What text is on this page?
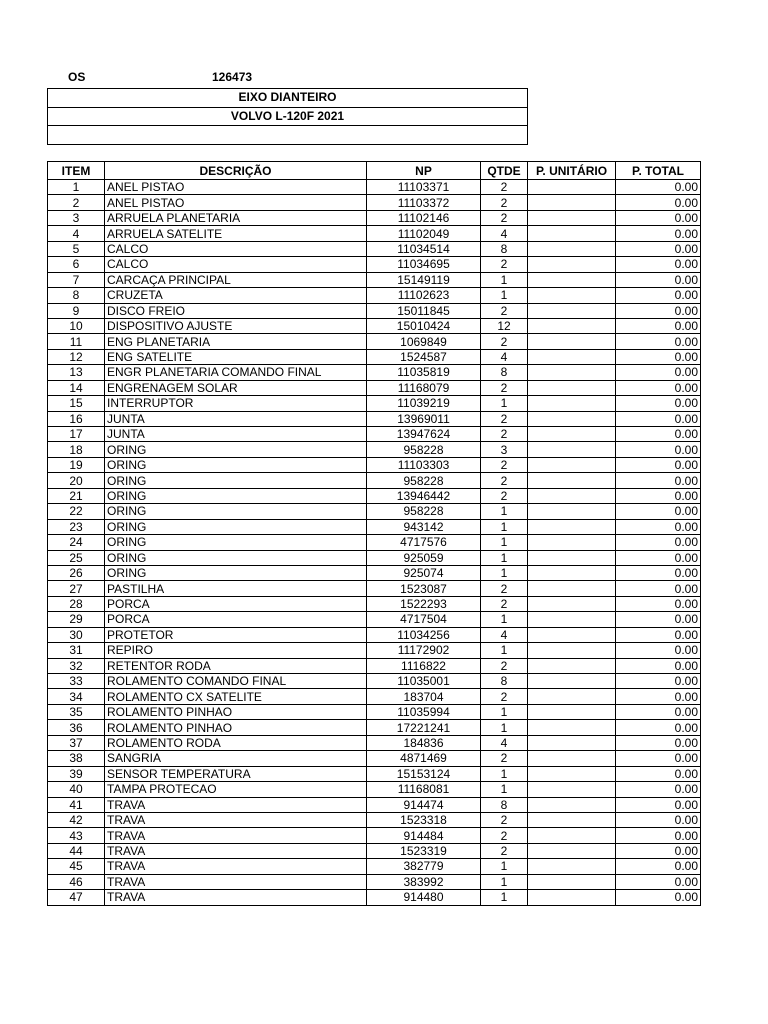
OS	126473
EIXO DIANTEIRO
VOLVO L-120F 2021

ITEM	DESCRIÇÃO	NP	QTDE	P. UNITÁRIO	P. TOTAL
1	ANEL PISTAO	11103371	2		0.00
2	ANEL PISTAO	11103372	2		0.00
3	ARRUELA PLANETARIA	11102146	2		0.00
4	ARRUELA SATELITE	11102049	4		0.00
5	CALCO	11034514	8		0.00
6	CALCO	11034695	2		0.00
7	CARCAÇA PRINCIPAL	15149119	1		0.00
8	CRUZETA	11102623	1		0.00
9	DISCO FREIO	15011845	2		0.00
10	DISPOSITIVO AJUSTE	15010424	12		0.00
11	ENG PLANETARIA	1069849	2		0.00
12	ENG SATELITE	1524587	4		0.00
13	ENGR PLANETARIA COMANDO FINAL	11035819	8		0.00
14	ENGRENAGEM SOLAR	11168079	2		0.00
15	INTERRUPTOR	11039219	1		0.00
16	JUNTA	13969011	2		0.00
17	JUNTA	13947624	2		0.00
18	ORING	958228	3		0.00
19	ORING	11103303	2		0.00
20	ORING	958228	2		0.00
21	ORING	13946442	2		0.00
22	ORING	958228	1		0.00
23	ORING	943142	1		0.00
24	ORING	4717576	1		0.00
25	ORING	925059	1		0.00
26	ORING	925074	1		0.00
27	PASTILHA	1523087	2		0.00
28	PORCA	1522293	2		0.00
29	PORCA	4717504	1		0.00
30	PROTETOR	11034256	4		0.00
31	REPIRO	11172902	1		0.00
32	RETENTOR RODA	1116822	2		0.00
33	ROLAMENTO COMANDO FINAL	11035001	8		0.00
34	ROLAMENTO CX SATELITE	183704	2		0.00
35	ROLAMENTO PINHAO	11035994	1		0.00
36	ROLAMENTO PINHAO	17221241	1		0.00
37	ROLAMENTO RODA	184836	4		0.00
38	SANGRIA	4871469	2		0.00
39	SENSOR TEMPERATURA	15153124	1		0.00
40	TAMPA PROTECAO	11168081	1		0.00
41	TRAVA	914474	8		0.00
42	TRAVA	1523318	2		0.00
43	TRAVA	914484	2		0.00
44	TRAVA	1523319	2		0.00
45	TRAVA	382779	1		0.00
46	TRAVA	383992	1		0.00
47	TRAVA	914480	1		0.00
